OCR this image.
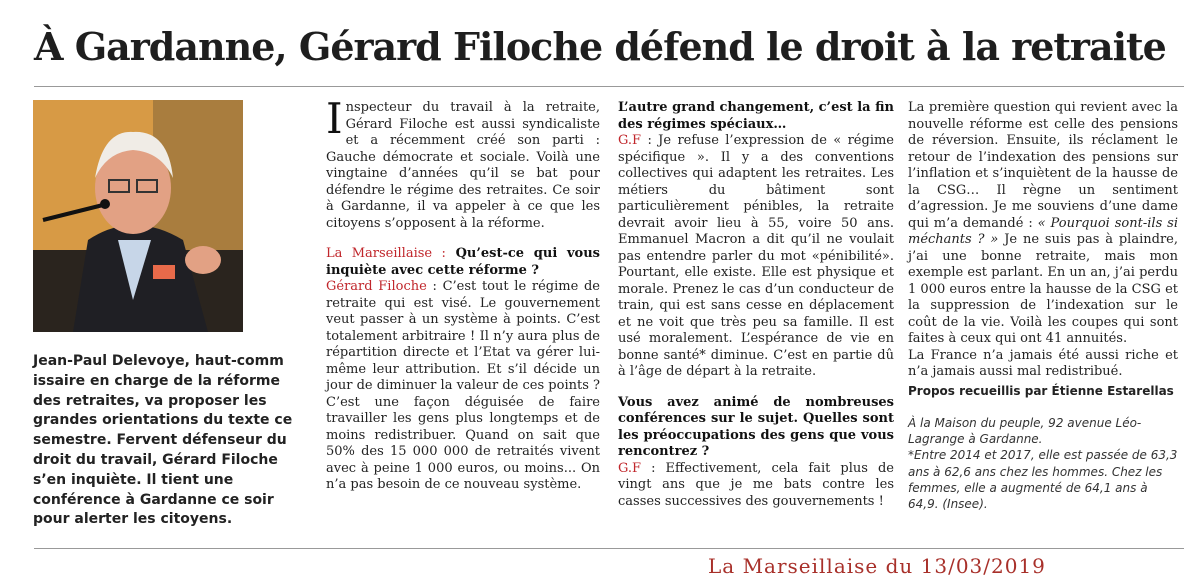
À Gardanne, Gérard Filoche défend le droit à la retraite

Jean-Paul Delevoye, haut-comm issaire en charge de la réforme des retraites, va proposer les grandes orientations du texte ce semestre. Fervent défenseur du droit du travail, Gérard Filoche s’en inquiète. Il tient une conférence à Gardanne ce soir pour alerter les citoyens.

Inspecteur du travail à la retraite, Gérard Filoche est aussi syndicaliste et a récemment créé son parti : Gauche démocrate et sociale. Voilà une vingtaine d’années qu’il se bat pour défendre le régime des retraites. Ce soir à Gardanne, il va appeler à ce que les citoyens s’opposent à la réforme.

La Marseillaise : Qu’est-ce qui vous inquiète avec cette réforme ?

Gérard Filoche : C’est tout le régime de retraite qui est visé. Le gouvernement veut passer à un système à points. C’est totalement arbitraire ! Il n’y aura plus de répartition directe et l’Etat va gérer lui-même leur attribution. Et s’il décide un jour de diminuer la valeur de ces points ? C’est une façon déguisée de faire travailler les gens plus longtemps et de moins redistribuer. Quand on sait que 50% des 15 000 000 de retraités vivent avec à peine 1 000 euros, ou moins... On n’a pas besoin de ce nouveau système.

L’autre grand changement, c’est la fin des régimes spéciaux…

G.F : Je refuse l’expression de « régime spécifique ». Il y a des conventions collectives qui adaptent les retraites. Les métiers du bâtiment sont particulièrement pénibles, la retraite devrait avoir lieu à 55, voire 50 ans. Emmanuel Macron a dit qu’il ne voulait pas entendre parler du mot «pénibilité». Pourtant, elle existe. Elle est physique et morale. Prenez le cas d’un conducteur de train, qui est sans cesse en déplacement et ne voit que très peu sa famille. Il est usé moralement. L’espérance de vie en bonne santé* diminue. C’est en partie dû à l’âge de départ à la retraite.

Vous avez animé de nombreuses conférences sur le sujet. Quelles sont les préoccupations des gens que vous rencontrez ?

G.F : Effectivement, cela fait plus de vingt ans que je me bats contre les casses successives des gouvernements !

La première question qui revient avec la nouvelle réforme est celle des pensions de réversion. Ensuite, ils réclament le retour de l’indexation des pensions sur l’inflation et s’inquiètent de la hausse de la CSG… Il règne un sentiment d’agression. Je me souviens d’une dame qui m’a demandé : « Pourquoi sont-ils si méchants ? » Je ne suis pas à plaindre, j’ai une bonne retraite, mais mon exemple est parlant. En un an, j’ai perdu 1 000 euros entre la hausse de la CSG et la suppression de l’indexation sur le coût de la vie. Voilà les coupes qui sont faites à ceux qui ont 41 annuités.

La France n’a jamais été aussi riche et n’a jamais aussi mal redistribué.

Propos recueillis par Étienne Estarellas

À la Maison du peuple, 92 avenue Léo-Lagrange à Gardanne.

*Entre 2014 et 2017, elle est passée de 63,3 ans à 62,6 ans chez les hommes. Chez les femmes, elle a augmenté de 64,1 ans à 64,9. (Insee).

La Marseillaise du 13/03/2019
